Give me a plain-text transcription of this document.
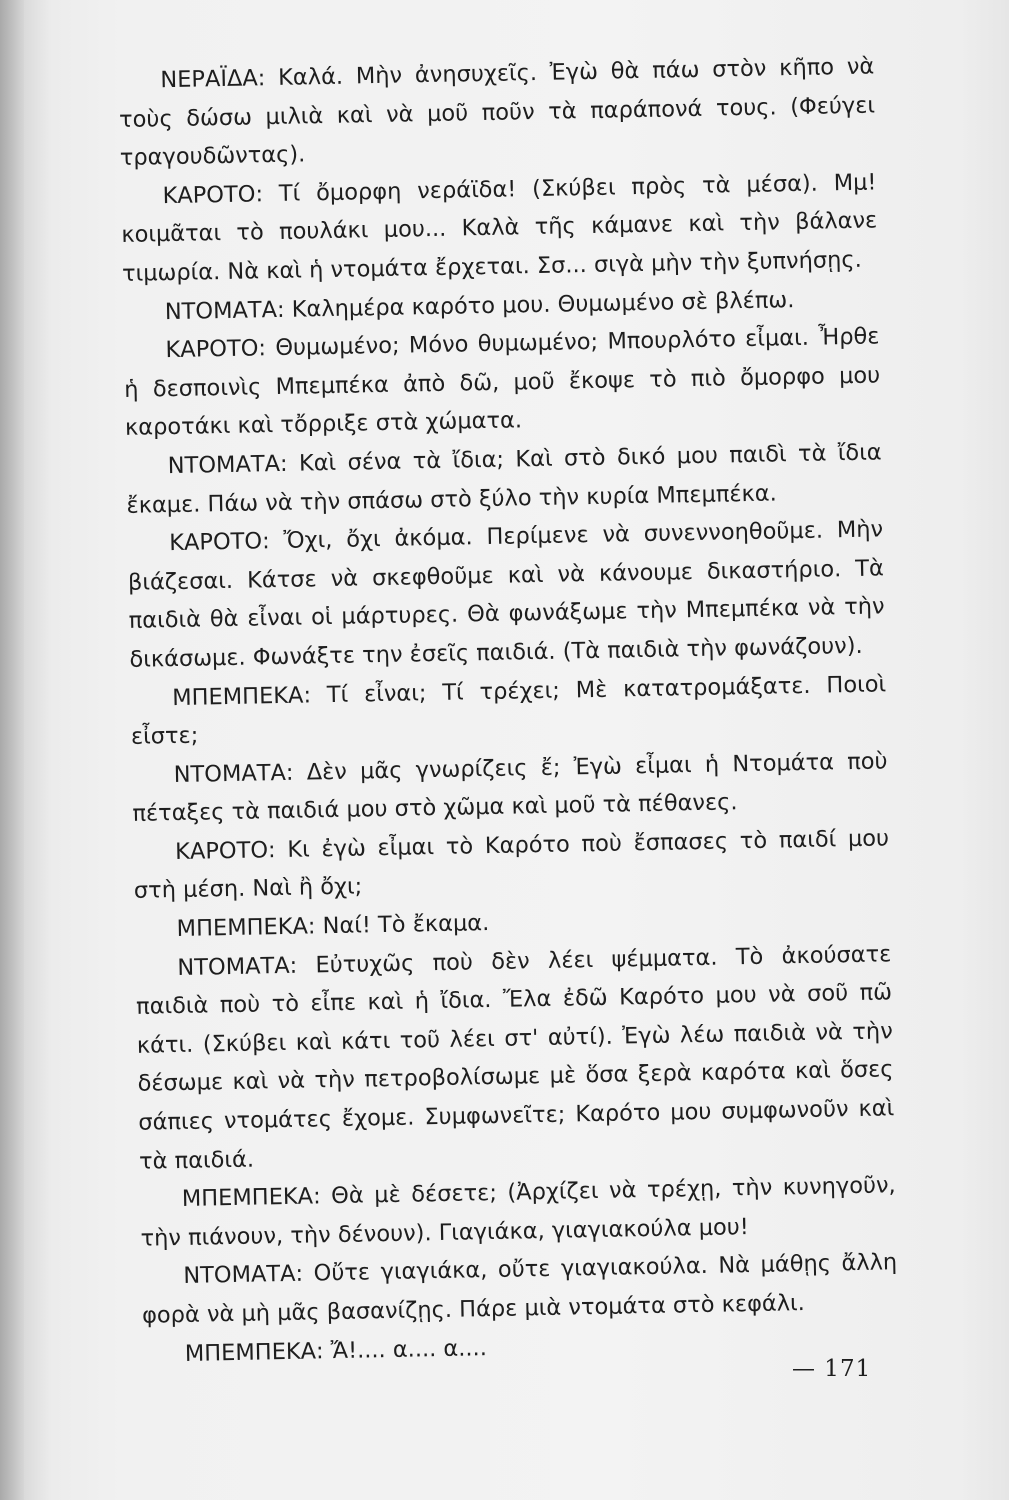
ΝΕΡΑΪΔΑ: Καλά. Μὴν ἀνησυχεῖς. Ἐγὼ θὰ πάω στὸν κῆπο νὰ τοὺς δώσω μιλιὰ καὶ νὰ μοῦ ποῦν τὰ παράπονά τους. (Φεύγει τραγουδῶντας).

ΚΑΡΟΤΟ: Τί ὄμορφη νεράϊδα! (Σκύβει πρὸς τὰ μέσα). Μμ! κοιμᾶται τὸ πουλάκι μου... Καλὰ τῆς κάμανε καὶ τὴν βάλανε τιμωρία. Νὰ καὶ ἡ ντομάτα ἔρχεται. Σσ... σιγὰ μὴν τὴν ξυπνήσῃς.

ΝΤΟΜΑΤΑ: Καλημέρα καρότο μου. Θυμωμένο σὲ βλέπω.

ΚΑΡΟΤΟ: Θυμωμένο; Μόνο θυμωμένο; Μπουρλότο εἶμαι. Ἦρθε ἡ δεσποινὶς Μπεμπέκα ἀπὸ δῶ, μοῦ ἔκοψε τὸ πιὸ ὄμορφο μου καροτάκι καὶ τὄρριξε στὰ χώματα.

ΝΤΟΜΑΤΑ: Καὶ σένα τὰ ἴδια; Καὶ στὸ δικό μου παιδὶ τὰ ἴδια ἔκαμε. Πάω νὰ τὴν σπάσω στὸ ξύλο τὴν κυρία Μπεμπέκα.

ΚΑΡΟΤΟ: Ὄχι, ὄχι ἀκόμα. Περίμενε νὰ συνεννοηθοῦμε. Μὴν βιάζεσαι. Κάτσε νὰ σκεφθοῦμε καὶ νὰ κάνουμε δικαστήριο. Τὰ παιδιὰ θὰ εἶναι οἱ μάρτυρες. Θὰ φωνάξωμε τὴν Μπεμπέκα νὰ τὴν δικάσωμε. Φωνάξτε την ἐσεῖς παιδιά. (Τὰ παιδιὰ τὴν φωνάζουν).

ΜΠΕΜΠΕΚΑ: Τί εἶναι; Τί τρέχει; Μὲ κατατρομάξατε. Ποιοὶ εἶστε;

ΝΤΟΜΑΤΑ: Δὲν μᾶς γνωρίζεις ἔ; Ἐγὼ εἶμαι ἡ Ντομάτα ποὺ πέταξες τὰ παιδιά μου στὸ χῶμα καὶ μοῦ τὰ πέθανες.

ΚΑΡΟΤΟ: Κι ἐγὼ εἶμαι τὸ Καρότο ποὺ ἔσπασες τὸ παιδί μου στὴ μέση. Ναὶ ἢ ὄχι;

ΜΠΕΜΠΕΚΑ: Ναί! Τὸ ἔκαμα.

ΝΤΟΜΑΤΑ: Εὐτυχῶς ποὺ δὲν λέει ψέμματα. Τὸ ἀκούσατε παιδιὰ ποὺ τὸ εἶπε καὶ ἡ ἴδια. Ἔλα ἐδῶ Καρότο μου νὰ σοῦ πῶ κάτι. (Σκύβει καὶ κάτι τοῦ λέει στ' αὐτί). Ἐγὼ λέω παιδιὰ νὰ τὴν δέσωμε καὶ νὰ τὴν πετροβολίσωμε μὲ ὅσα ξερὰ καρότα καὶ ὅσες σάπιες ντομάτες ἔχομε. Συμφωνεῖτε; Καρότο μου συμφωνοῦν καὶ τὰ παιδιά.

ΜΠΕΜΠΕΚΑ: Θὰ μὲ δέσετε; (Ἀρχίζει νὰ τρέχῃ, τὴν κυνηγοῦν, τὴν πιάνουν, τὴν δένουν). Γιαγιάκα, γιαγιακούλα μου!

ΝΤΟΜΑΤΑ: Οὔτε γιαγιάκα, οὔτε γιαγιακούλα. Νὰ μάθῃς ἄλλη φορὰ νὰ μὴ μᾶς βασανίζῃς. Πάρε μιὰ ντομάτα στὸ κεφάλι.

ΜΠΕΜΠΕΚΑ: Ἄ!.... α.... α....

— 171
